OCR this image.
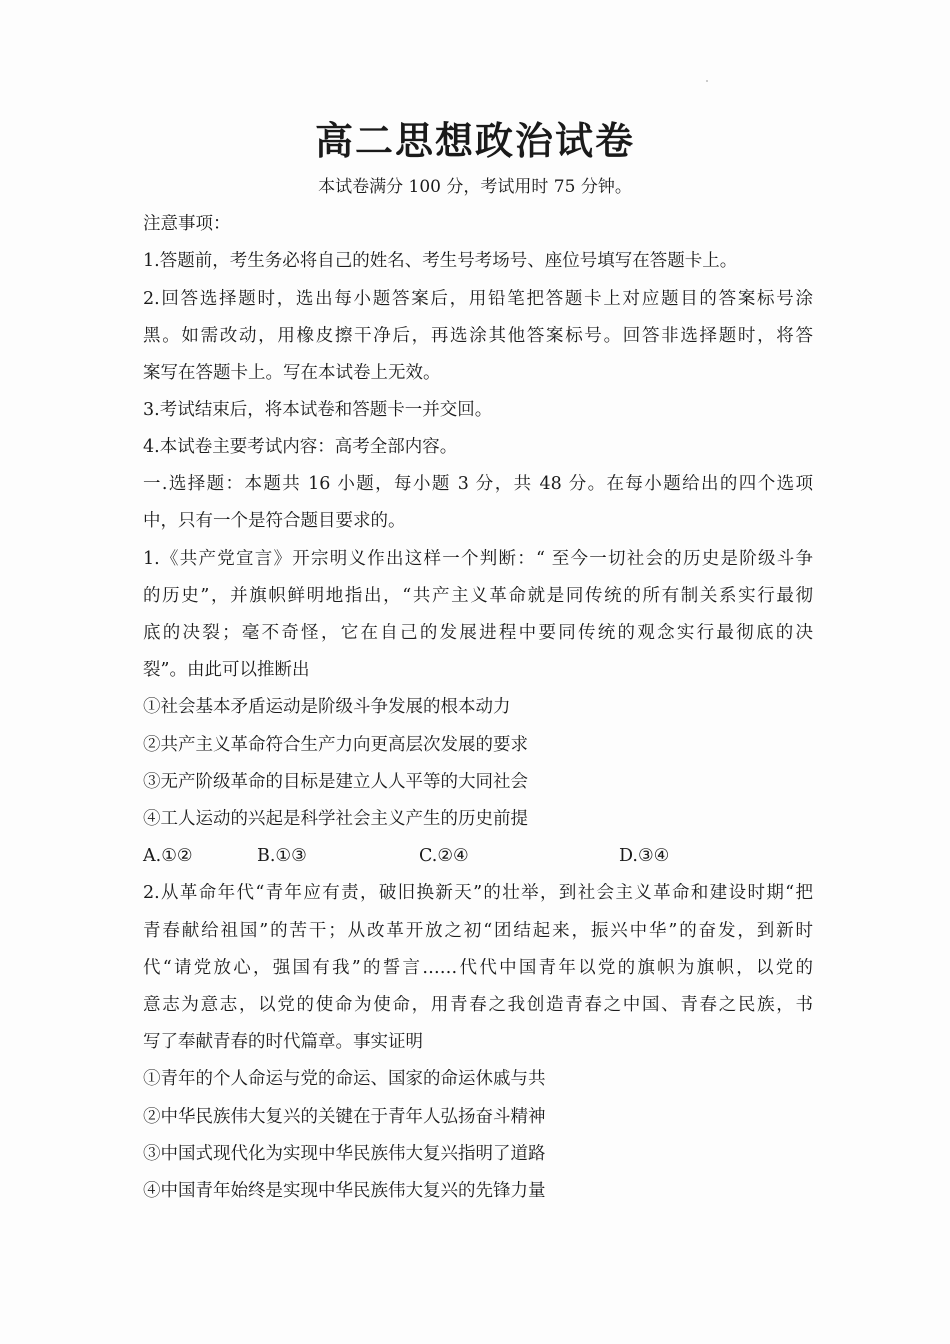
高二思想政治试卷
本试卷满分 100 分，考试用时 75 分钟。
注意事项：
1.答题前，考生务必将自己的姓名、考生号考场号、座位号填写在答题卡上。
2.回答选择题时，选出每小题答案后，用铅笔把答题卡上对应题目的答案标号涂
黑。如需改动，用橡皮擦干净后，再选涂其他答案标号。回答非选择题时，将答
案写在答题卡上。写在本试卷上无效。
3.考试结束后，将本试卷和答题卡一并交回。
4.本试卷主要考试内容：高考全部内容。
一.选择题：本题共 16 小题，每小题 3 分，共 48 分。在每小题给出的四个选项
中，只有一个是符合题目要求的。
1.《共产党宣言》开宗明义作出这样一个判断：“ 至今一切社会的历史是阶级斗争
的历史”，并旗帜鲜明地指出，“共产主义革命就是同传统的所有制关系实行最彻
底的决裂；毫不奇怪，它在自己的发展进程中要同传统的观念实行最彻底的决
裂”。由此可以推断出
①社会基本矛盾运动是阶级斗争发展的根本动力
②共产主义革命符合生产力向更高层次发展的要求
③无产阶级革命的目标是建立人人平等的大同社会
④工人运动的兴起是科学社会主义产生的历史前提
A.①②	B.①③	C.②④	D.③④
2.从革命年代“青年应有责，破旧换新天”的壮举，到社会主义革命和建设时期“把
青春献给祖国”的苦干；从改革开放之初“团结起来，振兴中华”的奋发，到新时
代“请党放心，强国有我”的誓言……代代中国青年以党的旗帜为旗帜，以党的
意志为意志，以党的使命为使命，用青春之我创造青春之中国、青春之民族，书
写了奉献青春的时代篇章。事实证明
①青年的个人命运与党的命运、国家的命运休戚与共
②中华民族伟大复兴的关键在于青年人弘扬奋斗精神
③中国式现代化为实现中华民族伟大复兴指明了道路
④中国青年始终是实现中华民族伟大复兴的先锋力量
